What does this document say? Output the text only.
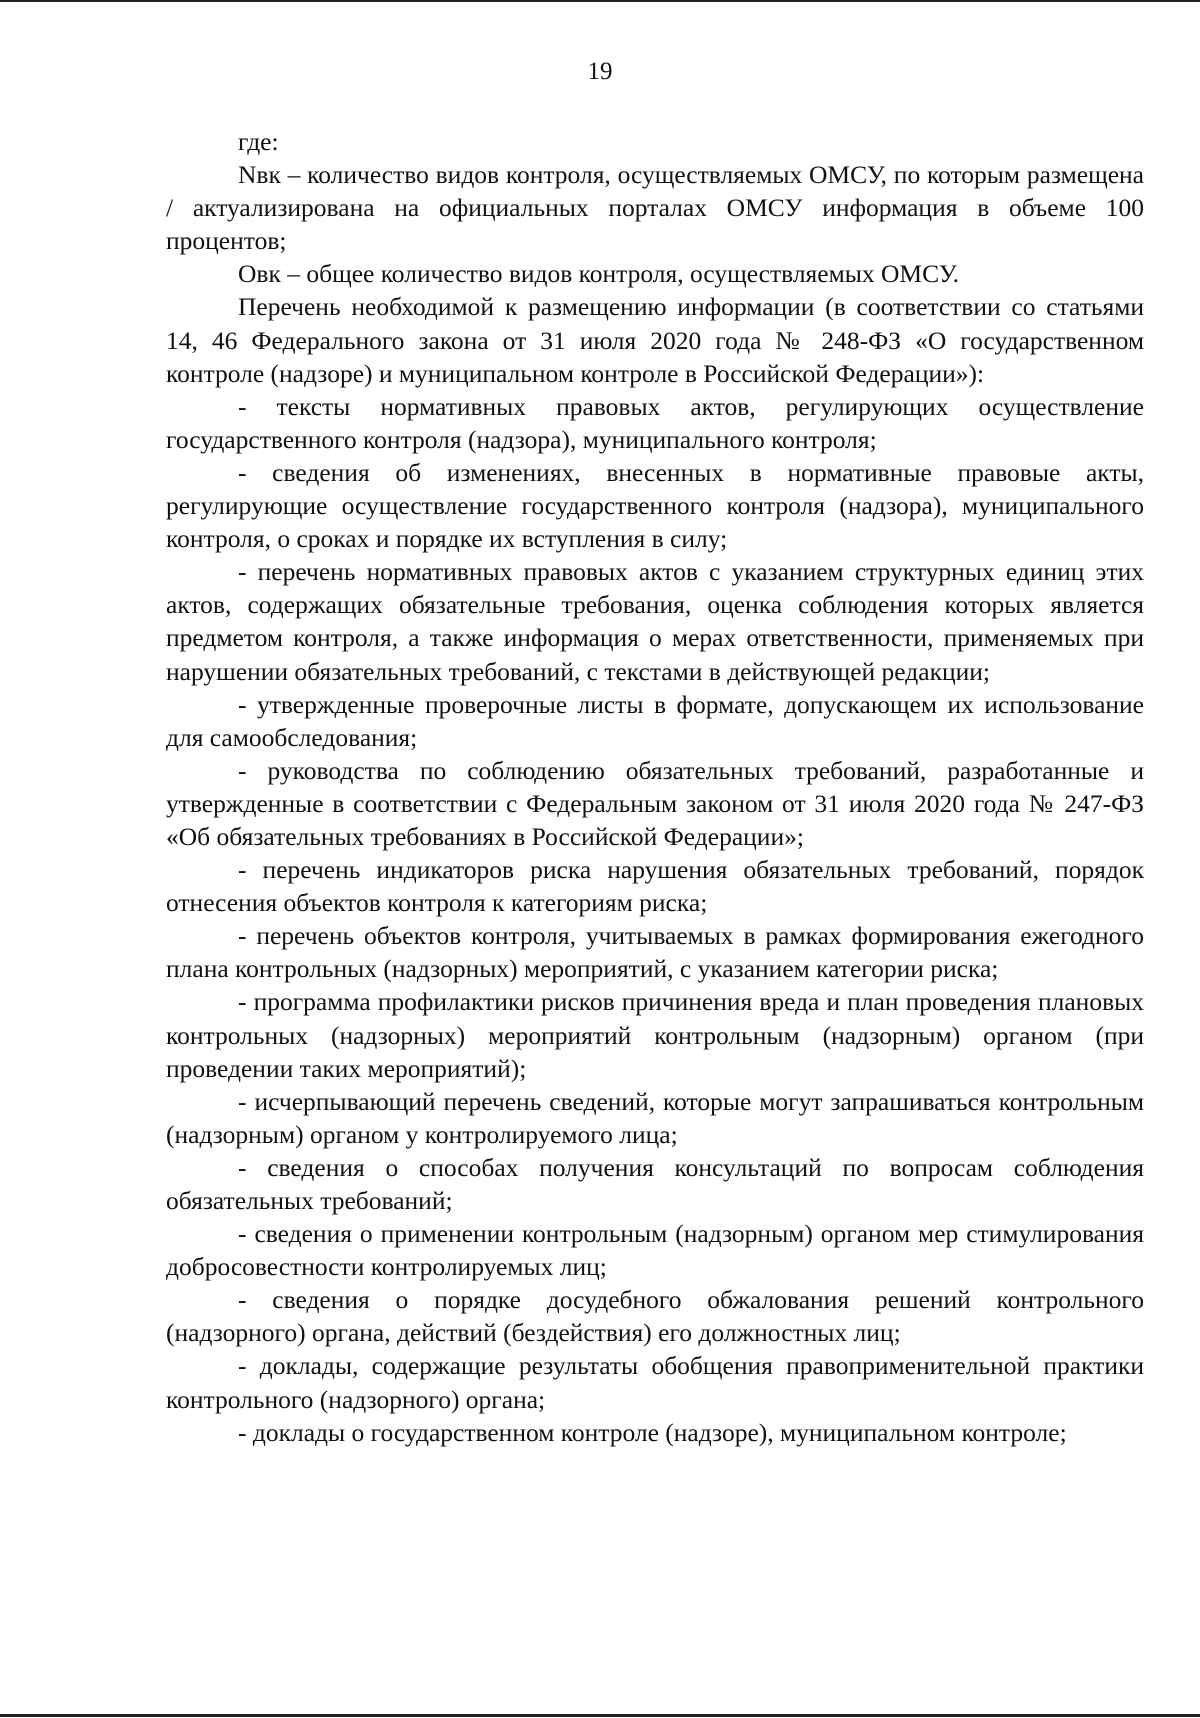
19

где:

Nвк – количество видов контроля, осуществляемых ОМСУ, по которым размещена / актуализирована на официальных порталах ОМСУ информация в объеме 100 процентов;

Овк – общее количество видов контроля, осуществляемых ОМСУ.

Перечень необходимой к размещению информации (в соответствии со статьями 14, 46 Федерального закона от 31 июля 2020 года № 248-ФЗ «О государственном контроле (надзоре) и муниципальном контроле в Российской Федерации»):

- тексты нормативных правовых актов, регулирующих осуществление государственного контроля (надзора), муниципального контроля;

- сведения об изменениях, внесенных в нормативные правовые акты, регулирующие осуществление государственного контроля (надзора), муниципального контроля, о сроках и порядке их вступления в силу;

- перечень нормативных правовых актов с указанием структурных единиц этих актов, содержащих обязательные требования, оценка соблюдения которых является предметом контроля, а также информация о мерах ответственности, применяемых при нарушении обязательных требований, с текстами в действующей редакции;

- утвержденные проверочные листы в формате, допускающем их использование для самообследования;

- руководства по соблюдению обязательных требований, разработанные и утвержденные в соответствии с Федеральным законом от 31 июля 2020 года № 247-ФЗ «Об обязательных требованиях в Российской Федерации»;

- перечень индикаторов риска нарушения обязательных требований, порядок отнесения объектов контроля к категориям риска;

- перечень объектов контроля, учитываемых в рамках формирования ежегодного плана контрольных (надзорных) мероприятий, с указанием категории риска;

- программа профилактики рисков причинения вреда и план проведения плановых контрольных (надзорных) мероприятий контрольным (надзорным) органом (при проведении таких мероприятий);

- исчерпывающий перечень сведений, которые могут запрашиваться контрольным (надзорным) органом у контролируемого лица;

- сведения о способах получения консультаций по вопросам соблюдения обязательных требований;

- сведения о применении контрольным (надзорным) органом мер стимулирования добросовестности контролируемых лиц;

- сведения о порядке досудебного обжалования решений контрольного (надзорного) органа, действий (бездействия) его должностных лиц;

- доклады, содержащие результаты обобщения правоприменительной практики контрольного (надзорного) органа;

- доклады о государственном контроле (надзоре), муниципальном контроле;
